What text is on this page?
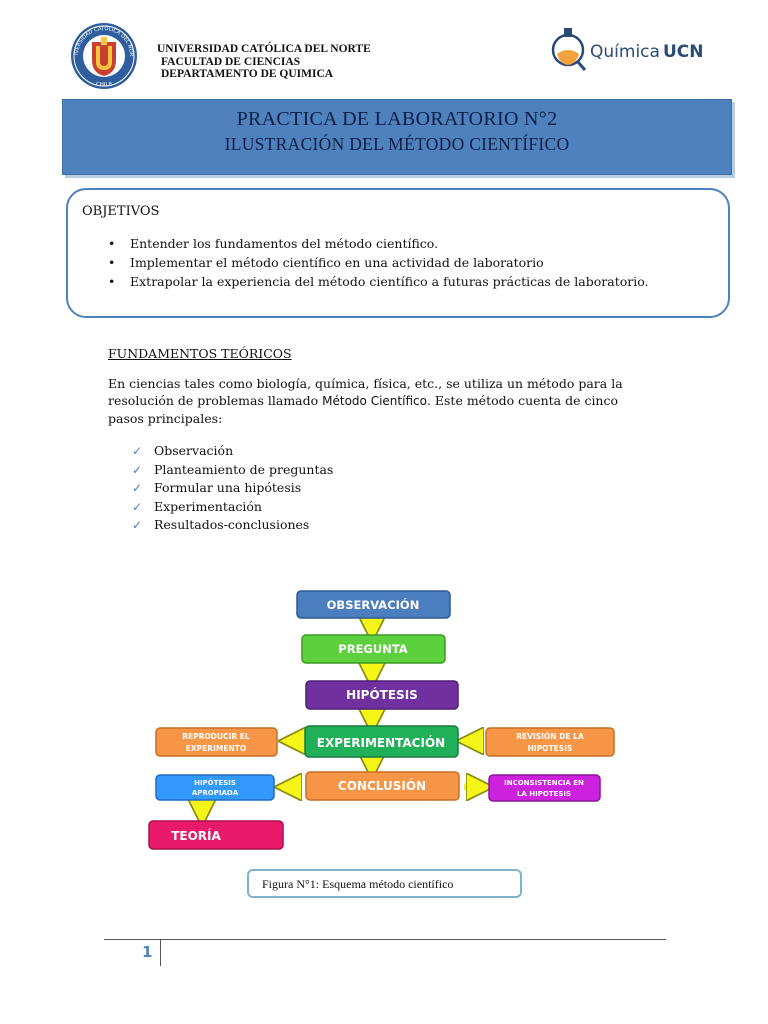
IVERSIDAD CATÓLICA DEL NOR
CHILE
UNIVERSIDAD CATÓLICA DEL NORTE
FACULTAD DE CIENCIAS
DEPARTAMENTO DE QUIMICA
Química UCN
PRACTICA DE LABORATORIO N°2
ILUSTRACIÓN DEL MÉTODO CIENTÍFICO
OBJETIVOS
• Entender los fundamentos del método científico.
• Implementar el método científico en una actividad de laboratorio
• Extrapolar la experiencia del método científico a futuras prácticas de laboratorio.
FUNDAMENTOS TEÓRICOS
En ciencias tales como biología, química, física, etc., se utiliza un método para la resolución de problemas llamado Método Científico. Este método cuenta de cinco pasos principales:
✓ Observación
✓ Planteamiento de preguntas
✓ Formular una hipótesis
✓ Experimentación
✓ Resultados-conclusiones
OBSERVACIÓN
PREGUNTA
HIPÓTESIS
EXPERIMENTACIÓN
CONCLUSIÓN
REPRODUCIR EL
EXPERIMENTO
HIPÓTESIS
APROPIADA
TEORÍA
REVISIÓN DE LA
HIPOTESIS
INCONSISTENCIA EN
LA HIPOTESIS
Figura N°1: Esquema método científico
1
